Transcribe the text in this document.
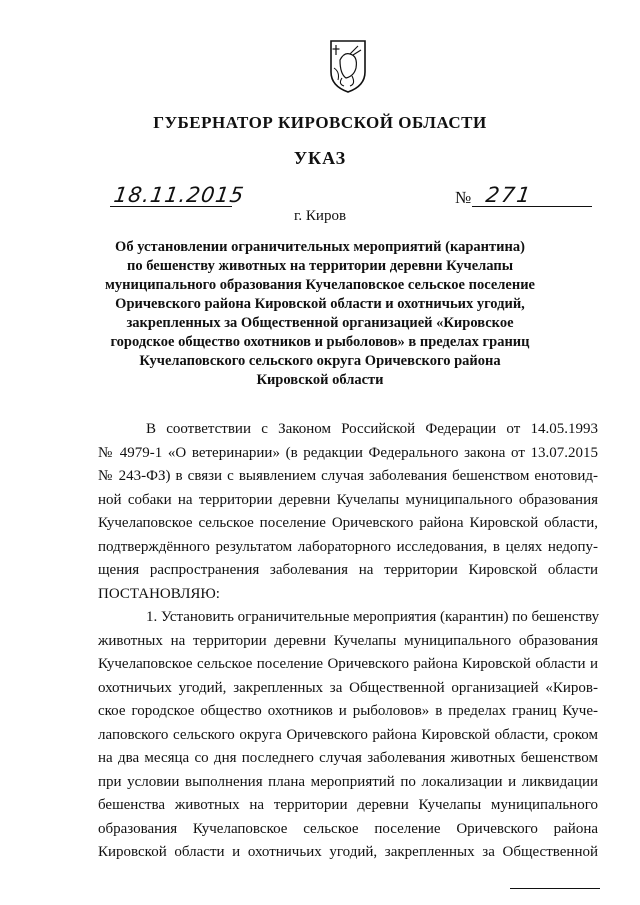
ГУБЕРНАТОР КИРОВСКОЙ ОБЛАСТИ
УКАЗ
18.11.2015	№ 271
г. Киров
Об установлении ограничительных мероприятий (карантина)
по бешенству животных на территории деревни Кучелапы
муниципального образования Кучелаповское сельское поселение
Оричевского района Кировской области и охотничьих угодий,
закрепленных за Общественной организацией «Кировское
городское общество охотников и рыболовов» в пределах границ
Кучелаповского сельского округа Оричевского района
Кировской области
В соответствии с Законом Российской Федерации от 14.05.1993
№ 4979-1 «О ветеринарии» (в редакции Федерального закона от 13.07.2015
№ 243-ФЗ) в связи с выявлением случая заболевания бешенством енотовид-
ной собаки на территории деревни Кучелапы муниципального образования
Кучелаповское сельское поселение Оричевского района Кировской области,
подтверждённого результатом лабораторного исследования, в целях недопу-
щения распространения заболевания на территории Кировской области
ПОСТАНОВЛЯЮ:
1. Установить ограничительные мероприятия (карантин) по бешенству
животных на территории деревни Кучелапы муниципального образования
Кучелаповское сельское поселение Оричевского района Кировской области и
охотничьих угодий, закрепленных за Общественной организацией «Киров-
ское городское общество охотников и рыболовов» в пределах границ Куче-
лаповского сельского округа Оричевского района Кировской области, сроком
на два месяца со дня последнего случая заболевания животных бешенством
при условии выполнения плана мероприятий по локализации и ликвидации
бешенства животных на территории деревни Кучелапы муниципального
образования Кучелаповское сельское поселение Оричевского района
Кировской области и охотничьих угодий, закрепленных за Общественной
